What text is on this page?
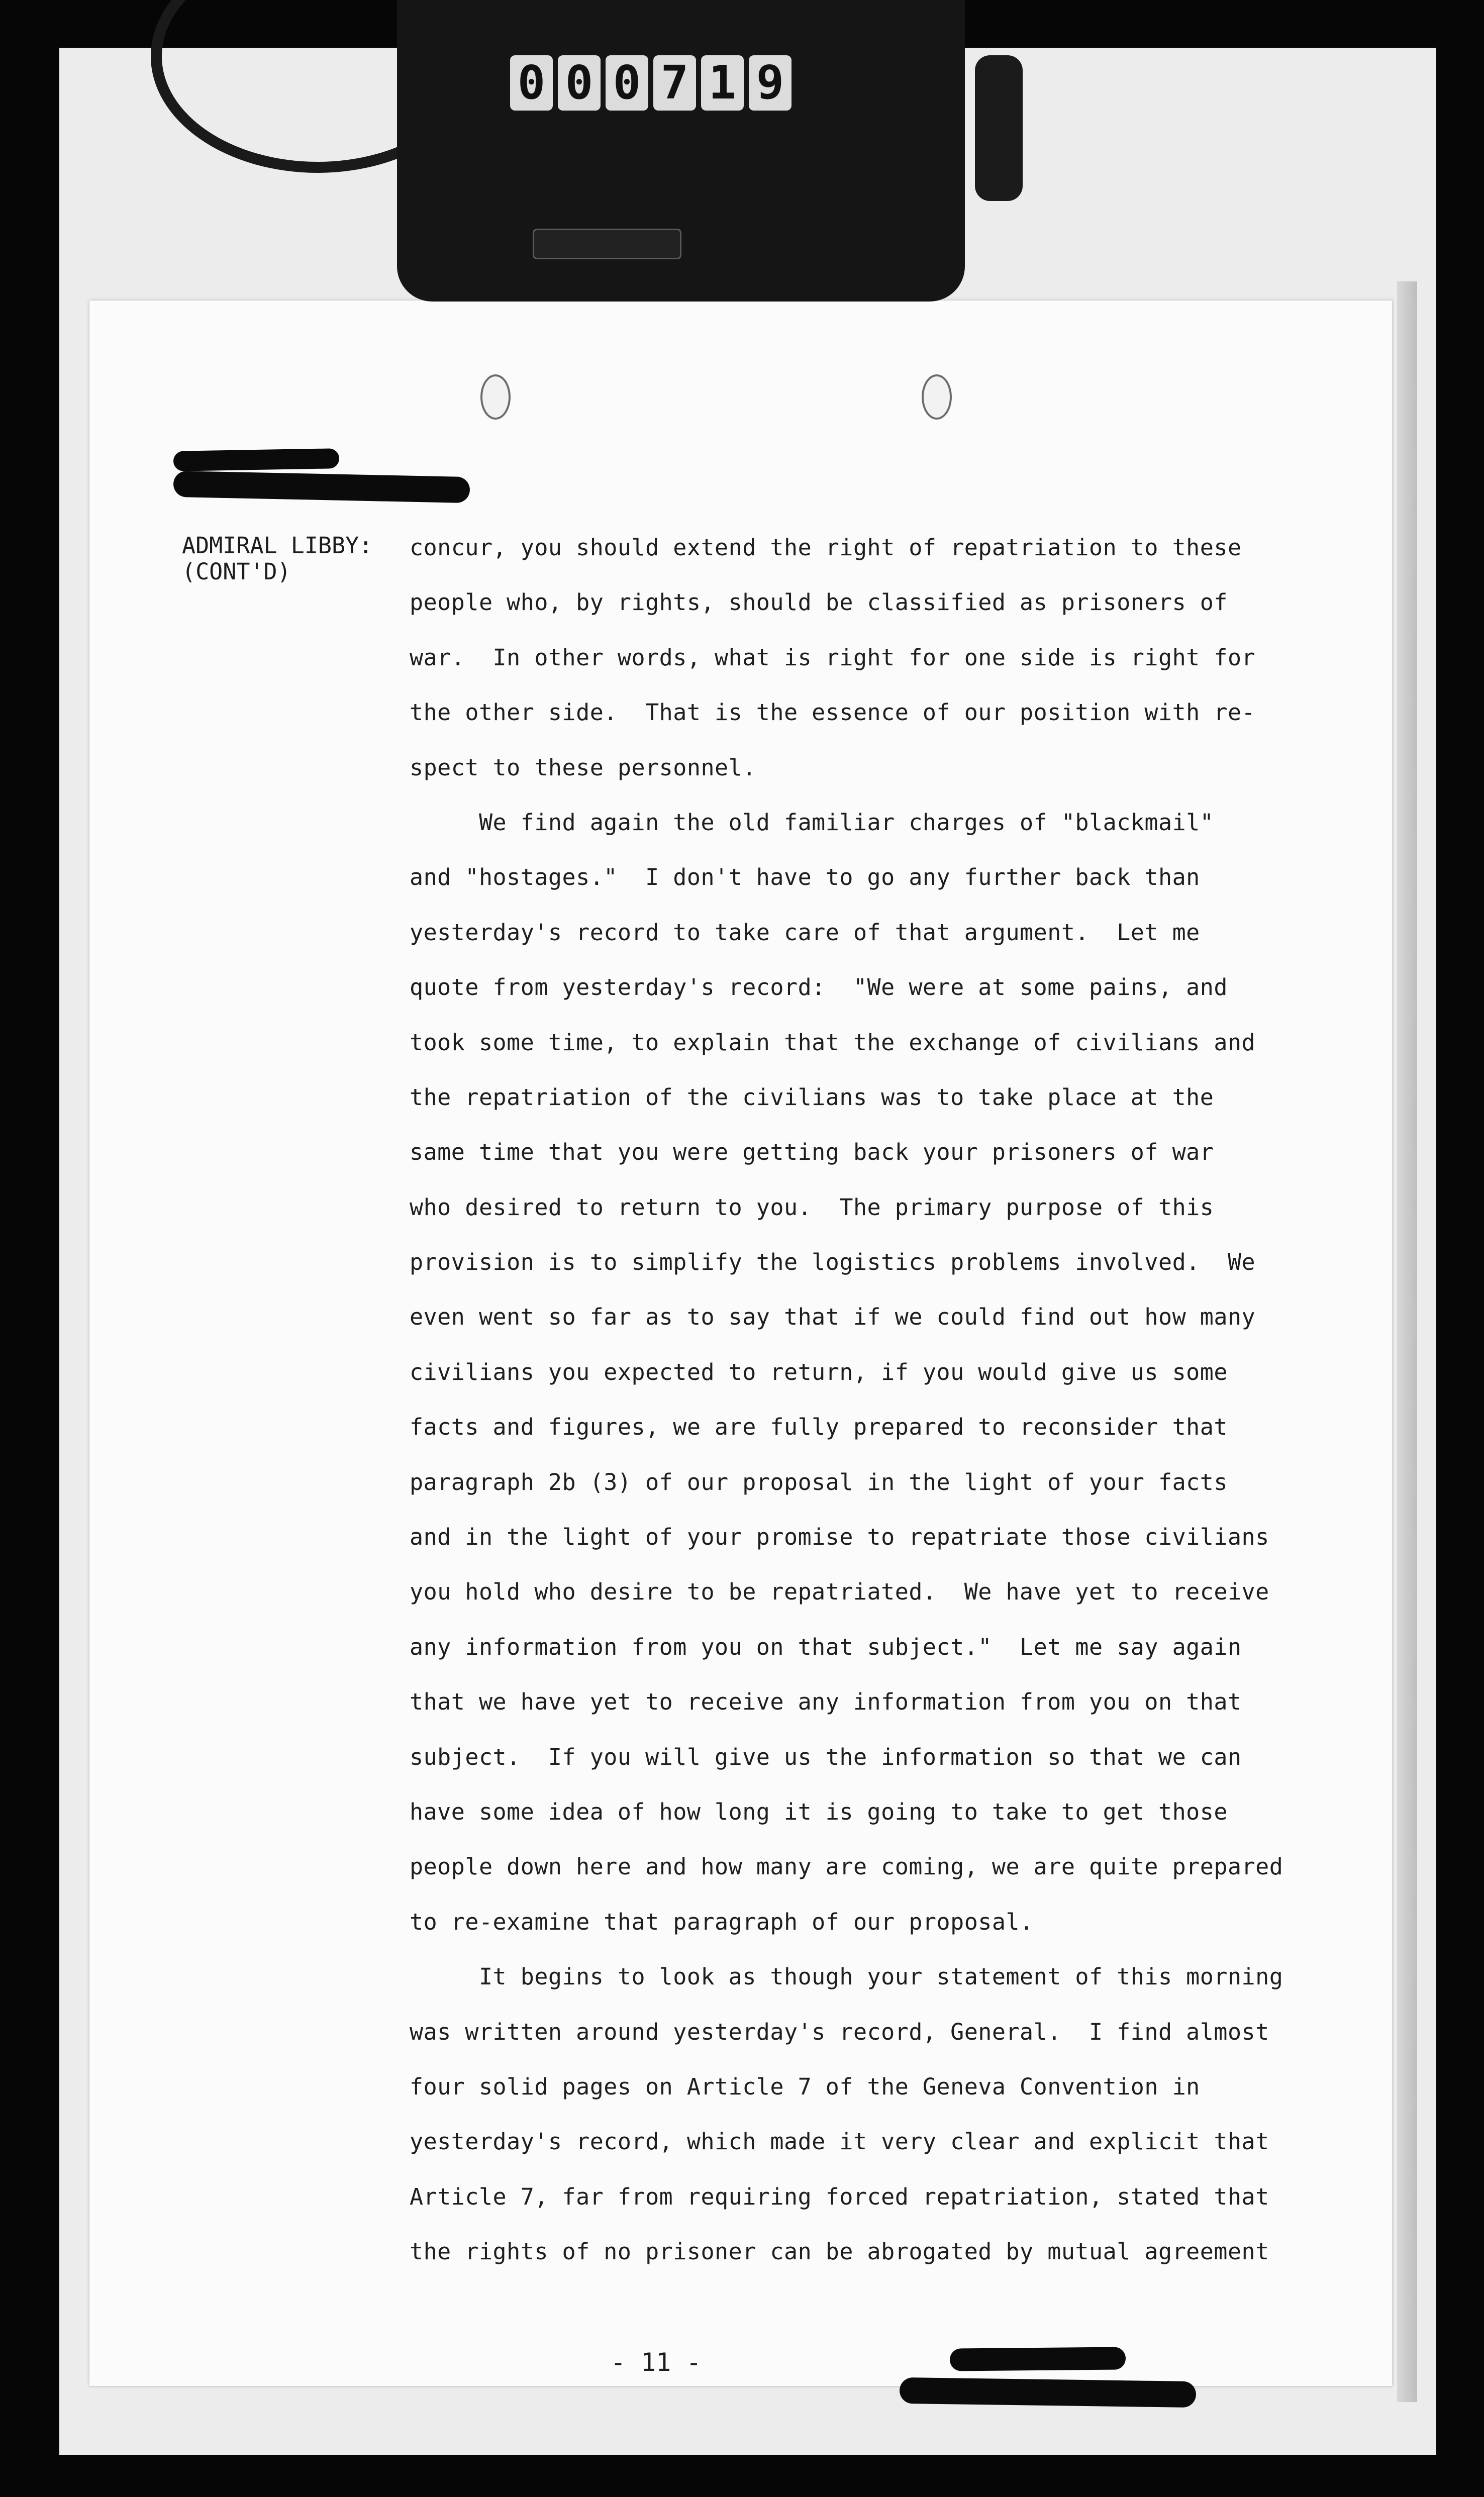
0 0 0 7 1 9
ADMIRAL LIBBY:
(CONT'D)
concur, you should extend the right of repatriation to these
people who, by rights, should be classified as prisoners of
war.  In other words, what is right for one side is right for
the other side.  That is the essence of our position with re-
spect to these personnel.
We find again the old familiar charges of "blackmail"
and "hostages."  I don't have to go any further back than
yesterday's record to take care of that argument.  Let me
quote from yesterday's record:  "We were at some pains, and
took some time, to explain that the exchange of civilians and
the repatriation of the civilians was to take place at the
same time that you were getting back your prisoners of war
who desired to return to you.  The primary purpose of this
provision is to simplify the logistics problems involved.  We
even went so far as to say that if we could find out how many
civilians you expected to return, if you would give us some
facts and figures, we are fully prepared to reconsider that
paragraph 2b (3) of our proposal in the light of your facts
and in the light of your promise to repatriate those civilians
you hold who desire to be repatriated.  We have yet to receive
any information from you on that subject."  Let me say again
that we have yet to receive any information from you on that
subject.  If you will give us the information so that we can
have some idea of how long it is going to take to get those
people down here and how many are coming, we are quite prepared
to re-examine that paragraph of our proposal.
It begins to look as though your statement of this morning
was written around yesterday's record, General.  I find almost
four solid pages on Article 7 of the Geneva Convention in
yesterday's record, which made it very clear and explicit that
Article 7, far from requiring forced repatriation, stated that
the rights of no prisoner can be abrogated by mutual agreement
- 11 -
